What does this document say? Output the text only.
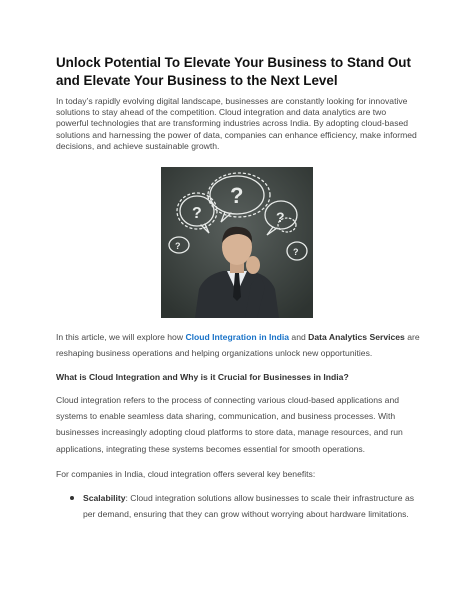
Unlock Potential To Elevate Your Business to Stand Out and Elevate Your Business to the Next Level

In today’s rapidly evolving digital landscape, businesses are constantly looking for innovative solutions to stay ahead of the competition. Cloud integration and data analytics are two powerful technologies that are transforming industries across India. By adopting cloud-based solutions and harnessing the power of data, companies can enhance efficiency, make informed decisions, and achieve sustainable growth.

?
?	?
?
?

In this article, we will explore how Cloud Integration in India and Data Analytics Services are reshaping business operations and helping organizations unlock new opportunities.

What is Cloud Integration and Why is it Crucial for Businesses in India?

Cloud integration refers to the process of connecting various cloud-based applications and systems to enable seamless data sharing, communication, and business processes. With businesses increasingly adopting cloud platforms to store data, manage resources, and run applications, integrating these systems becomes essential for smooth operations.

For companies in India, cloud integration offers several key benefits:

Scalability: Cloud integration solutions allow businesses to scale their infrastructure as per demand, ensuring that they can grow without worrying about hardware limitations.
